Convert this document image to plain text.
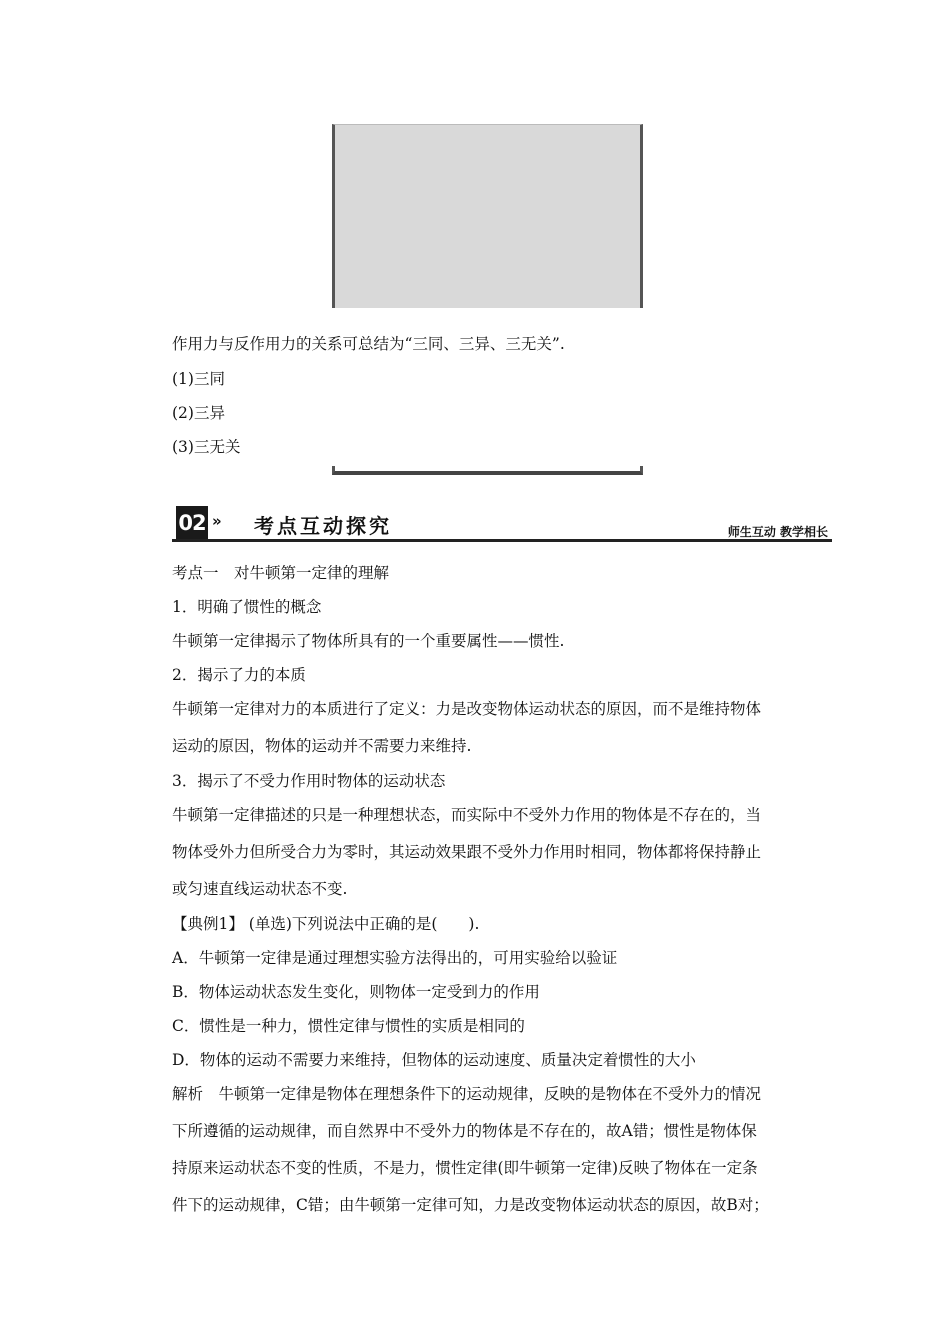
作用力与反作用力的关系可总结为“三同、三异、三无关”.
(1)三同
(2)三异
(3)三无关
02 » 考点互动探究	师生互动 教学相长
考点一　对牛顿第一定律的理解
1．明确了惯性的概念
牛顿第一定律揭示了物体所具有的一个重要属性——惯性.
2．揭示了力的本质
牛顿第一定律对力的本质进行了定义：力是改变物体运动状态的原因，而不是维持物体
运动的原因，物体的运动并不需要力来维持.
3．揭示了不受力作用时物体的运动状态
牛顿第一定律描述的只是一种理想状态，而实际中不受外力作用的物体是不存在的，当
物体受外力但所受合力为零时，其运动效果跟不受外力作用时相同，物体都将保持静止
或匀速直线运动状态不变.
【典例1】 (单选)下列说法中正确的是(　　).
A．牛顿第一定律是通过理想实验方法得出的，可用实验给以验证
B．物体运动状态发生变化，则物体一定受到力的作用
C．惯性是一种力，惯性定律与惯性的实质是相同的
D．物体的运动不需要力来维持，但物体的运动速度、质量决定着惯性的大小
解析　牛顿第一定律是物体在理想条件下的运动规律，反映的是物体在不受外力的情况
下所遵循的运动规律，而自然界中不受外力的物体是不存在的，故A错；惯性是物体保
持原来运动状态不变的性质，不是力，惯性定律(即牛顿第一定律)反映了物体在一定条
件下的运动规律，C错；由牛顿第一定律可知，力是改变物体运动状态的原因，故B对；
